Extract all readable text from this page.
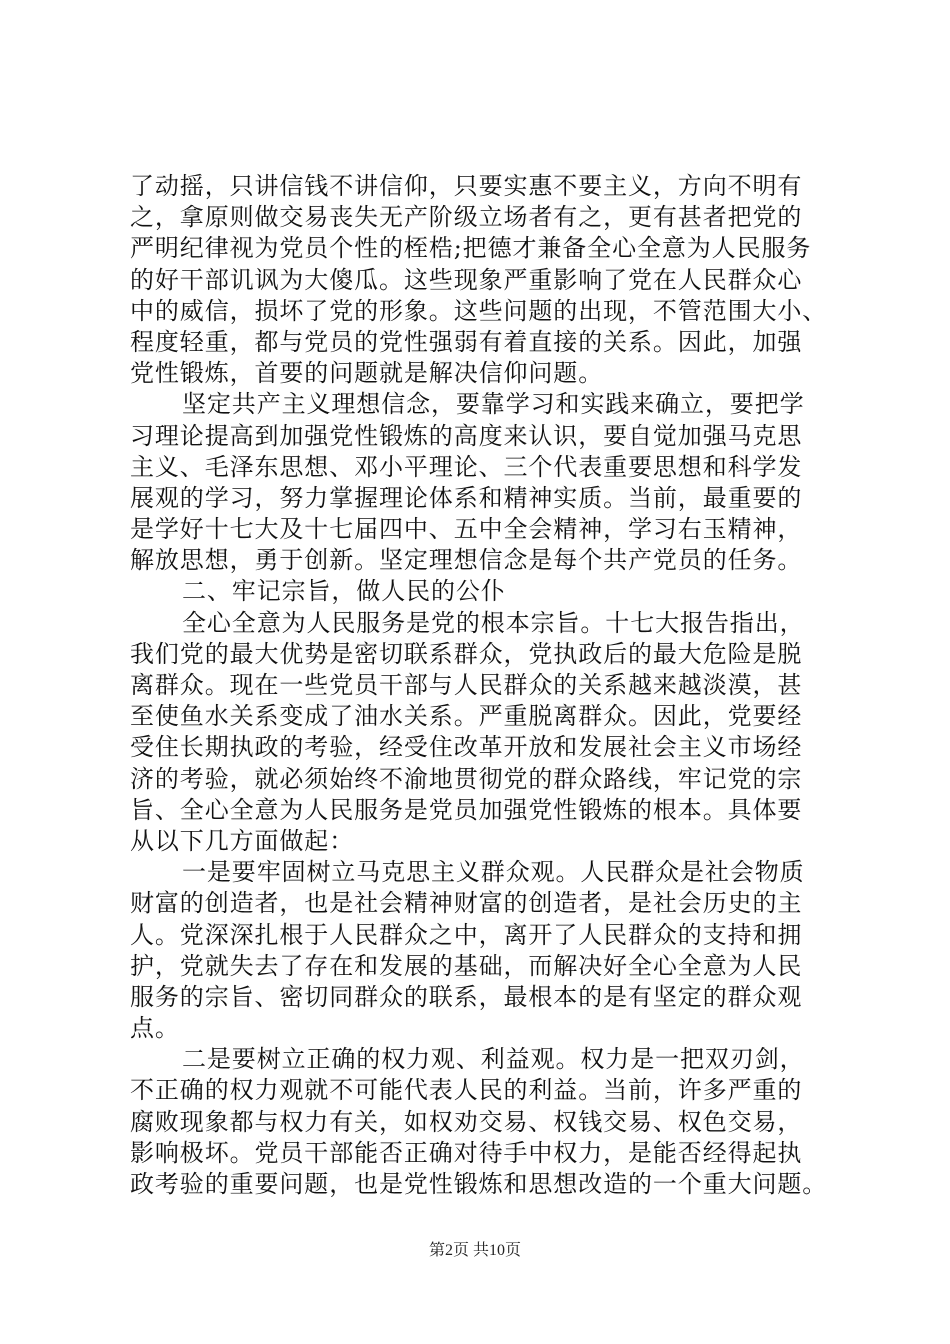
了动摇，只讲信钱不讲信仰，只要实惠不要主义，方向不明有
之，拿原则做交易丧失无产阶级立场者有之，更有甚者把党的
严明纪律视为党员个性的桎梏;把德才兼备全心全意为人民服务
的好干部讥讽为大傻瓜。这些现象严重影响了党在人民群众心
中的威信，损坏了党的形象。这些问题的出现，不管范围大小、
程度轻重，都与党员的党性强弱有着直接的关系。因此，加强
党性锻炼，首要的问题就是解决信仰问题。
坚定共产主义理想信念，要靠学习和实践来确立，要把学
习理论提高到加强党性锻炼的高度来认识，要自觉加强马克思
主义、毛泽东思想、邓小平理论、三个代表重要思想和科学发
展观的学习，努力掌握理论体系和精神实质。当前，最重要的
是学好十七大及十七届四中、五中全会精神，学习右玉精神，
解放思想，勇于创新。坚定理想信念是每个共产党员的任务。
二、牢记宗旨，做人民的公仆
全心全意为人民服务是党的根本宗旨。十七大报告指出，
我们党的最大优势是密切联系群众，党执政后的最大危险是脱
离群众。现在一些党员干部与人民群众的关系越来越淡漠，甚
至使鱼水关系变成了油水关系。严重脱离群众。因此，党要经
受住长期执政的考验，经受住改革开放和发展社会主义市场经
济的考验，就必须始终不渝地贯彻党的群众路线，牢记党的宗
旨、全心全意为人民服务是党员加强党性锻炼的根本。具体要
从以下几方面做起：
一是要牢固树立马克思主义群众观。人民群众是社会物质
财富的创造者，也是社会精神财富的创造者，是社会历史的主
人。党深深扎根于人民群众之中，离开了人民群众的支持和拥
护，党就失去了存在和发展的基础，而解决好全心全意为人民
服务的宗旨、密切同群众的联系，最根本的是有坚定的群众观
点。
二是要树立正确的权力观、利益观。权力是一把双刃剑，
不正确的权力观就不可能代表人民的利益。当前，许多严重的
腐败现象都与权力有关，如权劝交易、权钱交易、权色交易，
影响极坏。党员干部能否正确对待手中权力，是能否经得起执
政考验的重要问题，也是党性锻炼和思想改造的一个重大问题。
第2页 共10页
